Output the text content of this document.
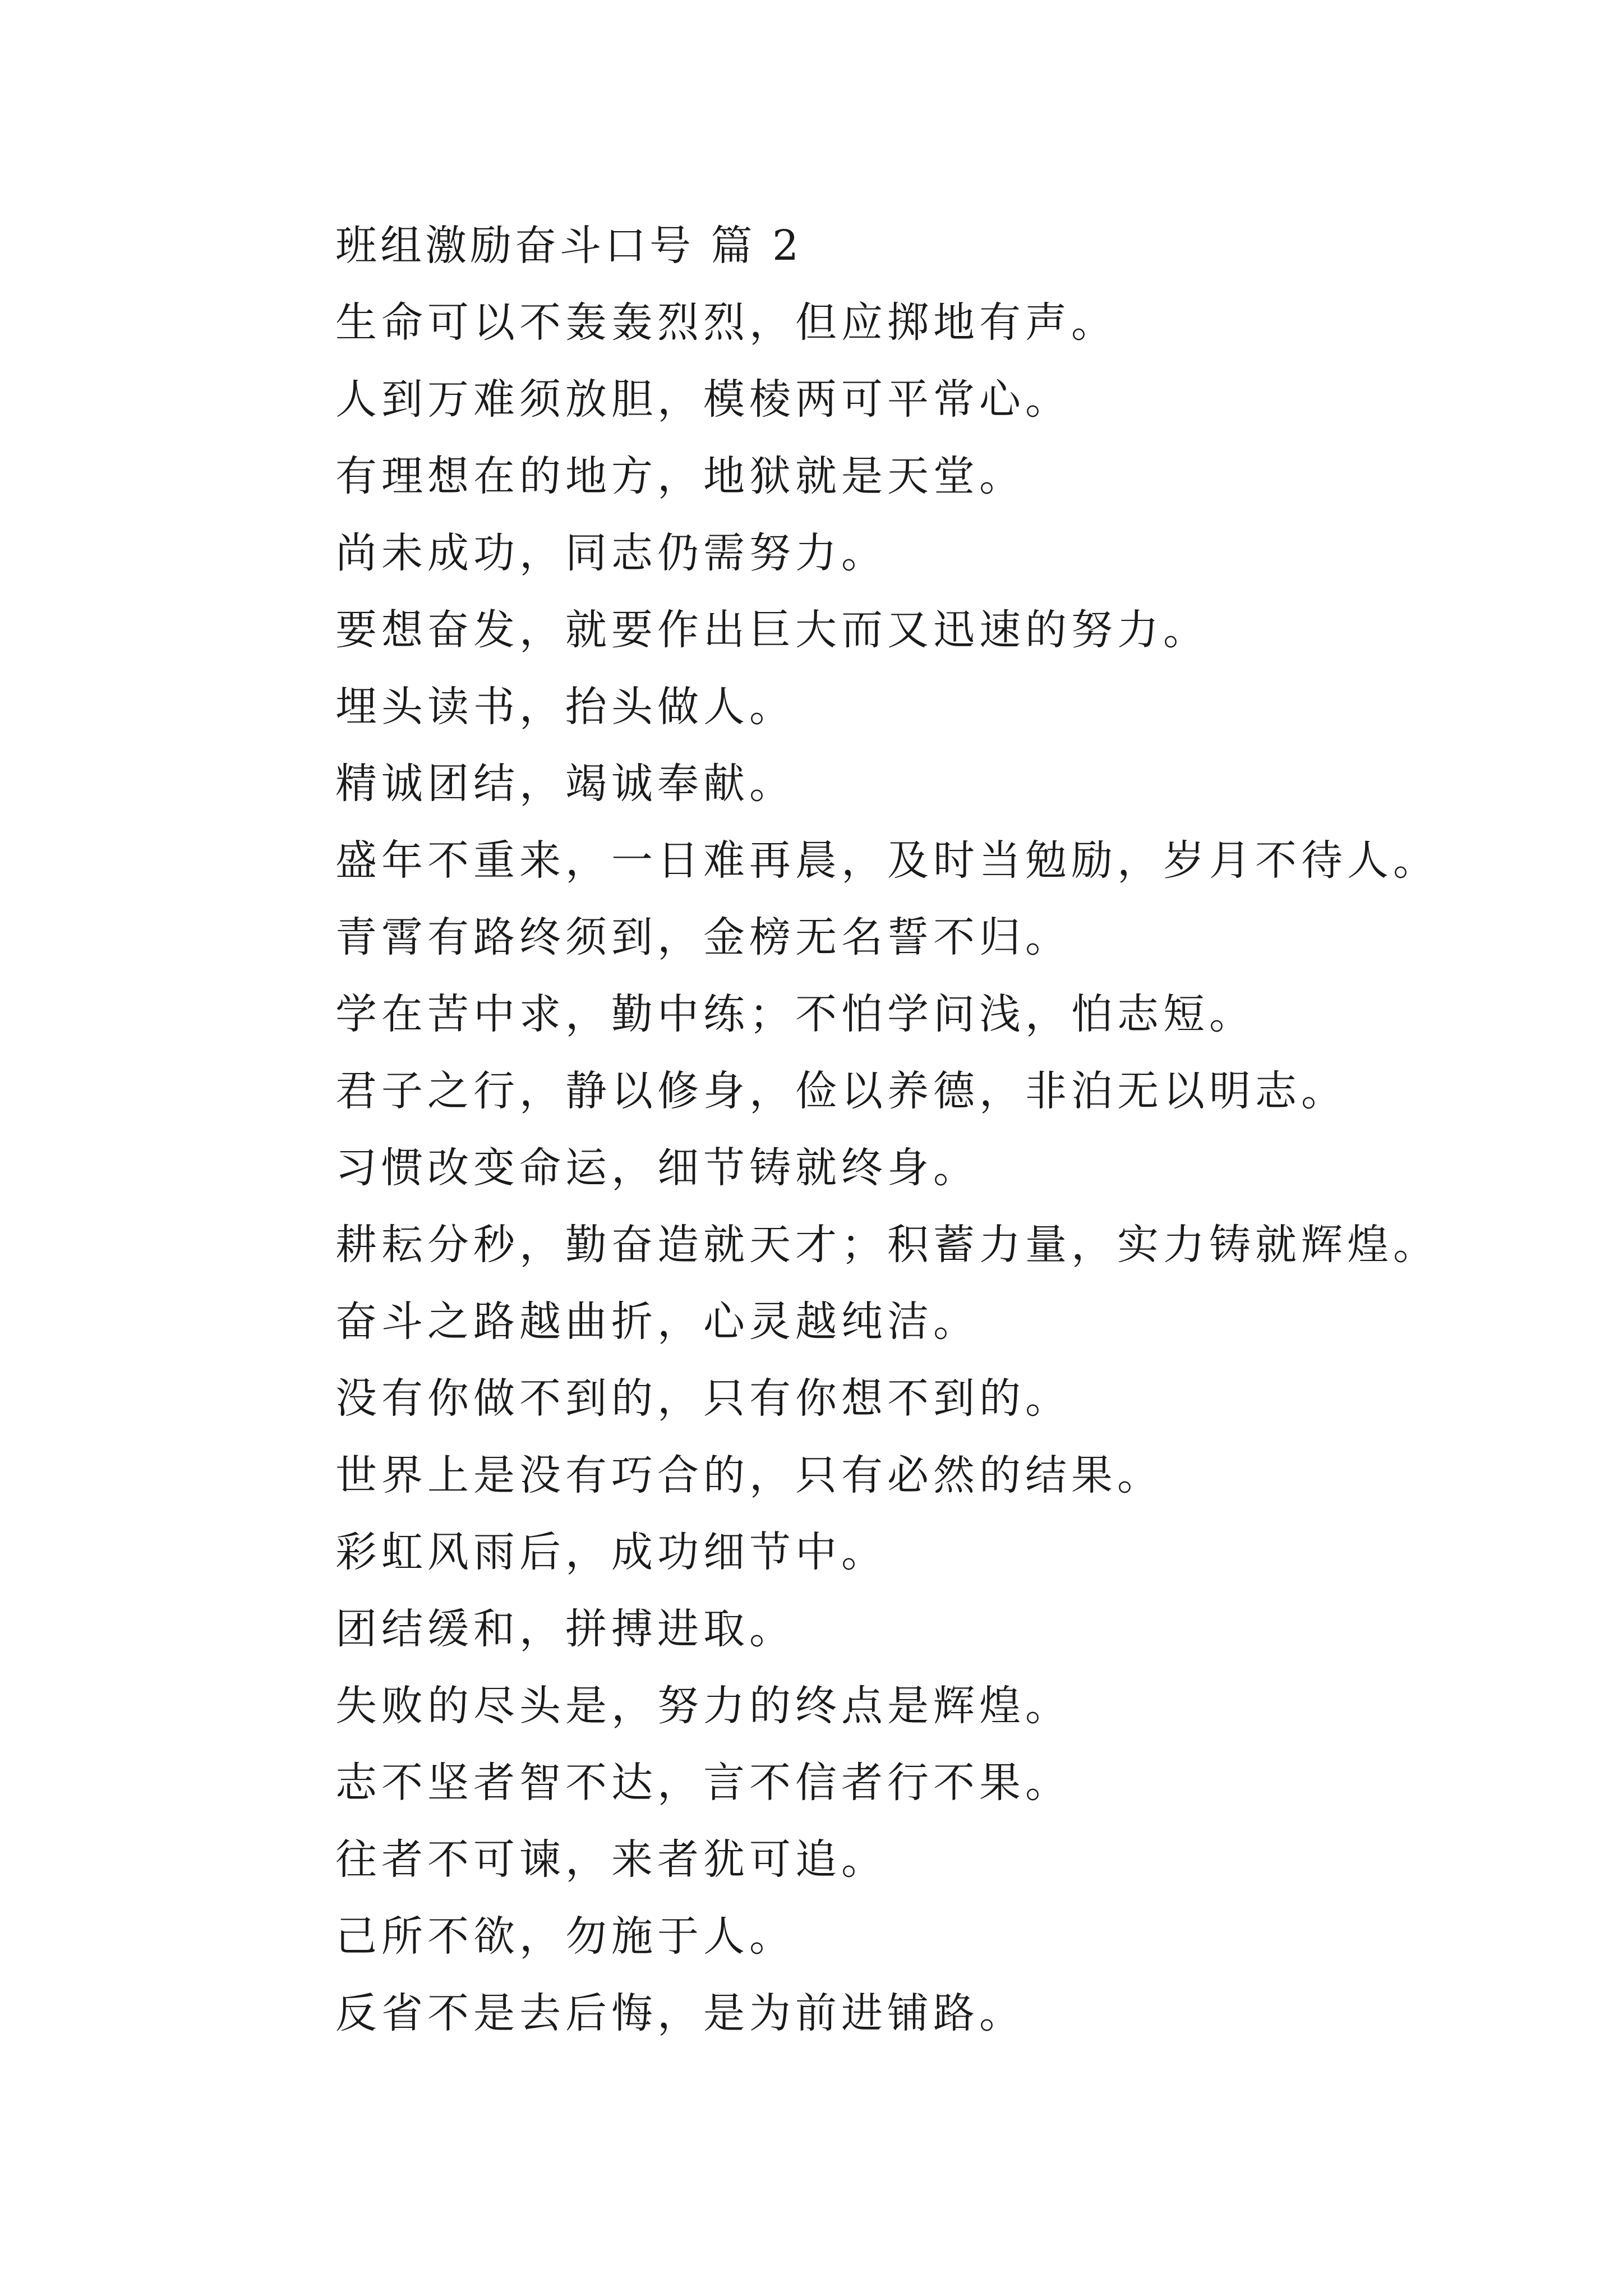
班组激励奋斗口号 篇 2
生命可以不轰轰烈烈，但应掷地有声。
人到万难须放胆，模棱两可平常心。
有理想在的地方，地狱就是天堂。
尚未成功，同志仍需努力。
要想奋发，就要作出巨大而又迅速的努力。
埋头读书，抬头做人。
精诚团结，竭诚奉献。
盛年不重来，一日难再晨，及时当勉励，岁月不待人。
青霄有路终须到，金榜无名誓不归。
学在苦中求，勤中练；不怕学问浅，怕志短。
君子之行，静以修身，俭以养德，非泊无以明志。
习惯改变命运，细节铸就终身。
耕耘分秒，勤奋造就天才；积蓄力量，实力铸就辉煌。
奋斗之路越曲折，心灵越纯洁。
没有你做不到的，只有你想不到的。
世界上是没有巧合的，只有必然的结果。
彩虹风雨后，成功细节中。
团结缓和，拼搏进取。
失败的尽头是，努力的终点是辉煌。
志不坚者智不达，言不信者行不果。
往者不可谏，来者犹可追。
己所不欲，勿施于人。
反省不是去后悔，是为前进铺路。
